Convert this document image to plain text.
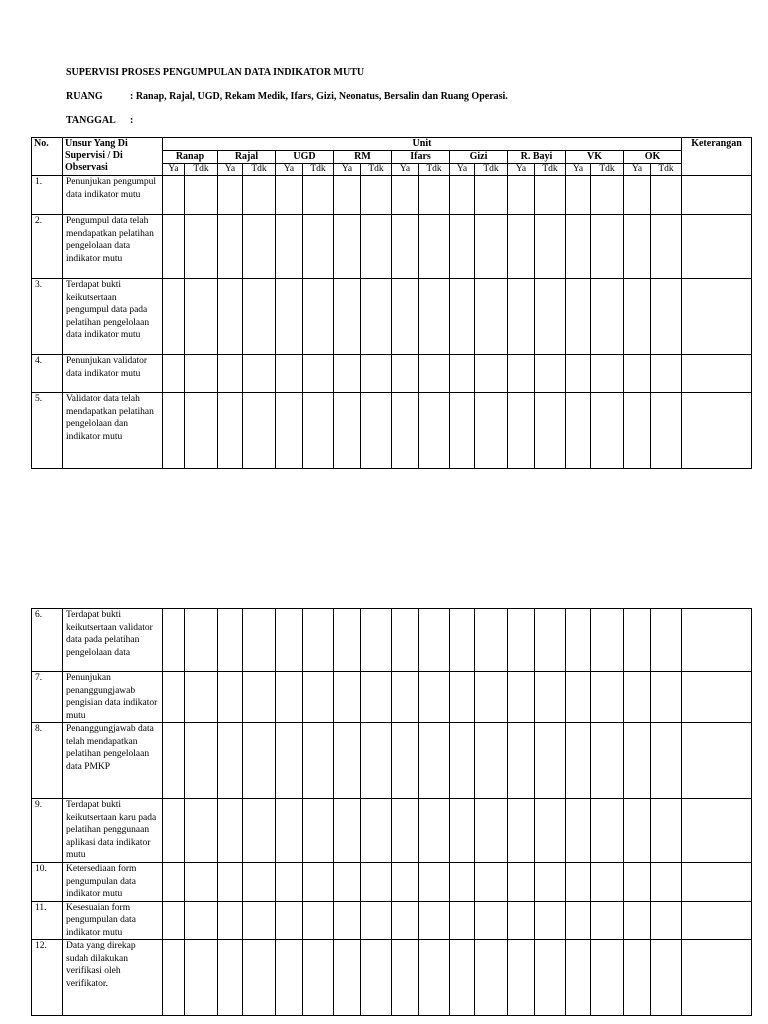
SUPERVISI PROSES PENGUMPULAN DATA INDIKATOR MUTU
RUANG	: Ranap, Rajal, UGD, Rekam Medik, Ifars, Gizi, Neonatus, Bersalin dan Ruang Operasi.
TANGGAL :
No.	Unsur Yang Di Supervisi / Di Observasi	Unit																		Keterangan
		Ranap		Rajal		UGD		RM		Ifars		Gizi		R. Bayi		VK		OK		
		Ya	Tdk	Ya	Tdk	Ya	Tdk	Ya	Tdk	Ya	Tdk	Ya	Tdk	Ya	Tdk	Ya	Tdk	Ya	Tdk	
1.	Penunjukan pengumpul data indikator mutu																			
2.	Pengumpul data telah mendapatkan pelatihan pengelolaan data indikator mutu																			
3.	Terdapat bukti keikutsertaan pengumpul data pada pelatihan pengelolaan data indikator mutu																			
4.	Penunjukan validator data indikator mutu																			
5.	Validator data telah mendapatkan pelatihan pengelolaan dan indikator mutu																			
6.	Terdapat bukti keikutsertaan validator data pada pelatihan pengelolaan data																			
7.	Penunjukan penanggungjawab pengisian data indikator mutu																			
8.	Penanggungjawab data telah mendapatkan pelatihan pengelolaan data PMKP																			
9.	Terdapat bukti keikutsertaan karu pada pelatihan penggunaan aplikasi data indikator mutu																			
10.	Ketersediaan form pengumpulan data indikator mutu																			
11.	Kesesuaian form pengumpulan data indikator mutu																			
12.	Data yang direkap sudah dilakukan verifikasi oleh verifikator.																			
